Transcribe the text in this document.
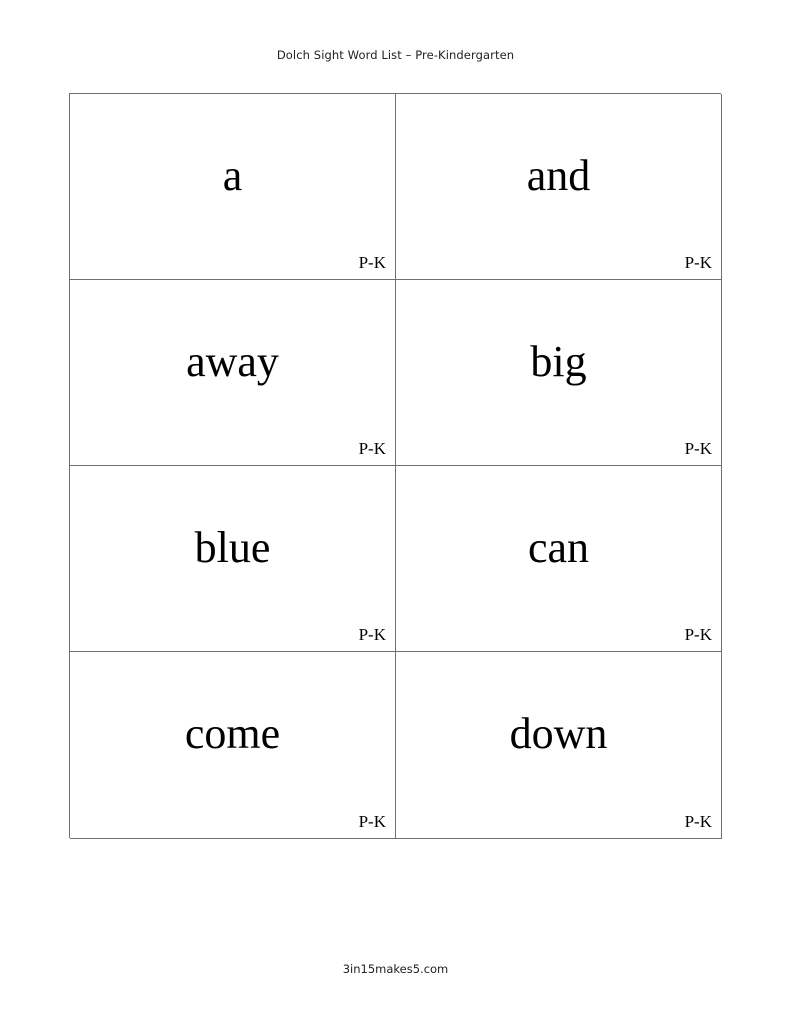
Dolch Sight Word List – Pre-Kindergarten
a
P-K
and
P-K
away
P-K
big
P-K
blue
P-K
can
P-K
come
P-K
down
P-K
3in15makes5.com
